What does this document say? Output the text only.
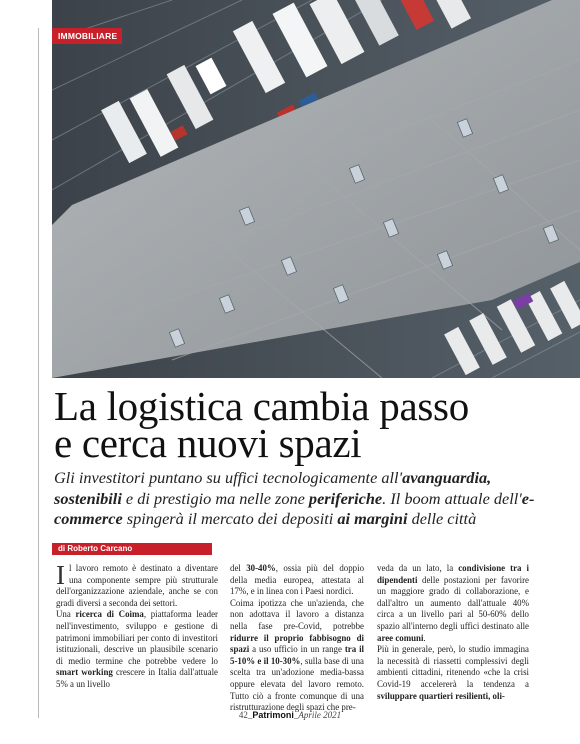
IMMOBILIARE
La logistica cambia passo
e cerca nuovi spazi

Gli investitori puntano su uffici tecnologicamente all'avanguardia, sostenibili e di prestigio ma nelle zone periferiche. Il boom attuale dell'e-commerce spingerà il mercato dei depositi ai margini delle città

di Roberto Carcano

Il lavoro remoto è destinato a diventare una componente sempre più strutturale dell'organizzazione aziendale, anche se con gradi diversi a seconda dei settori.

Una ricerca di Coima, piattaforma leader nell'investimento, sviluppo e gestione di patrimoni immobiliari per conto di investitori istituzionali, descrive un plausibile scenario di medio termine che potrebbe vedere lo smart working crescere in Italia dall'attuale 5% a un livello

del 30-40%, ossia più del doppio della media europea, attestata al 17%, e in linea con i Paesi nordici.

Coima ipotizza che un'azienda, che non adottava il lavoro a distanza nella fase pre-Covid, potrebbe ridurre il proprio fabbisogno di spazi a uso ufficio in un range tra il 5-10% e il 10-30%, sulla base di una scelta tra un'adozione media-bassa oppure elevata del lavoro remoto. Tutto ciò a fronte comunque di una ristrutturazione degli spazi che pre-

veda da un lato, la condivisione tra i dipendenti delle postazioni per favorire un maggiore grado di collaborazione, e dall'altro un aumento dall'attuale 40% circa a un livello pari al 50-60% dello spazio all'interno degli uffici destinato alle aree comuni.

Più in generale, però, lo studio immagina la necessità di riassetti complessivi degli ambienti cittadini, ritenendo «che la crisi Covid-19 accelererà la tendenza a sviluppare quartieri resilienti, oli-

42_Patrimoni_Aprile 2021
